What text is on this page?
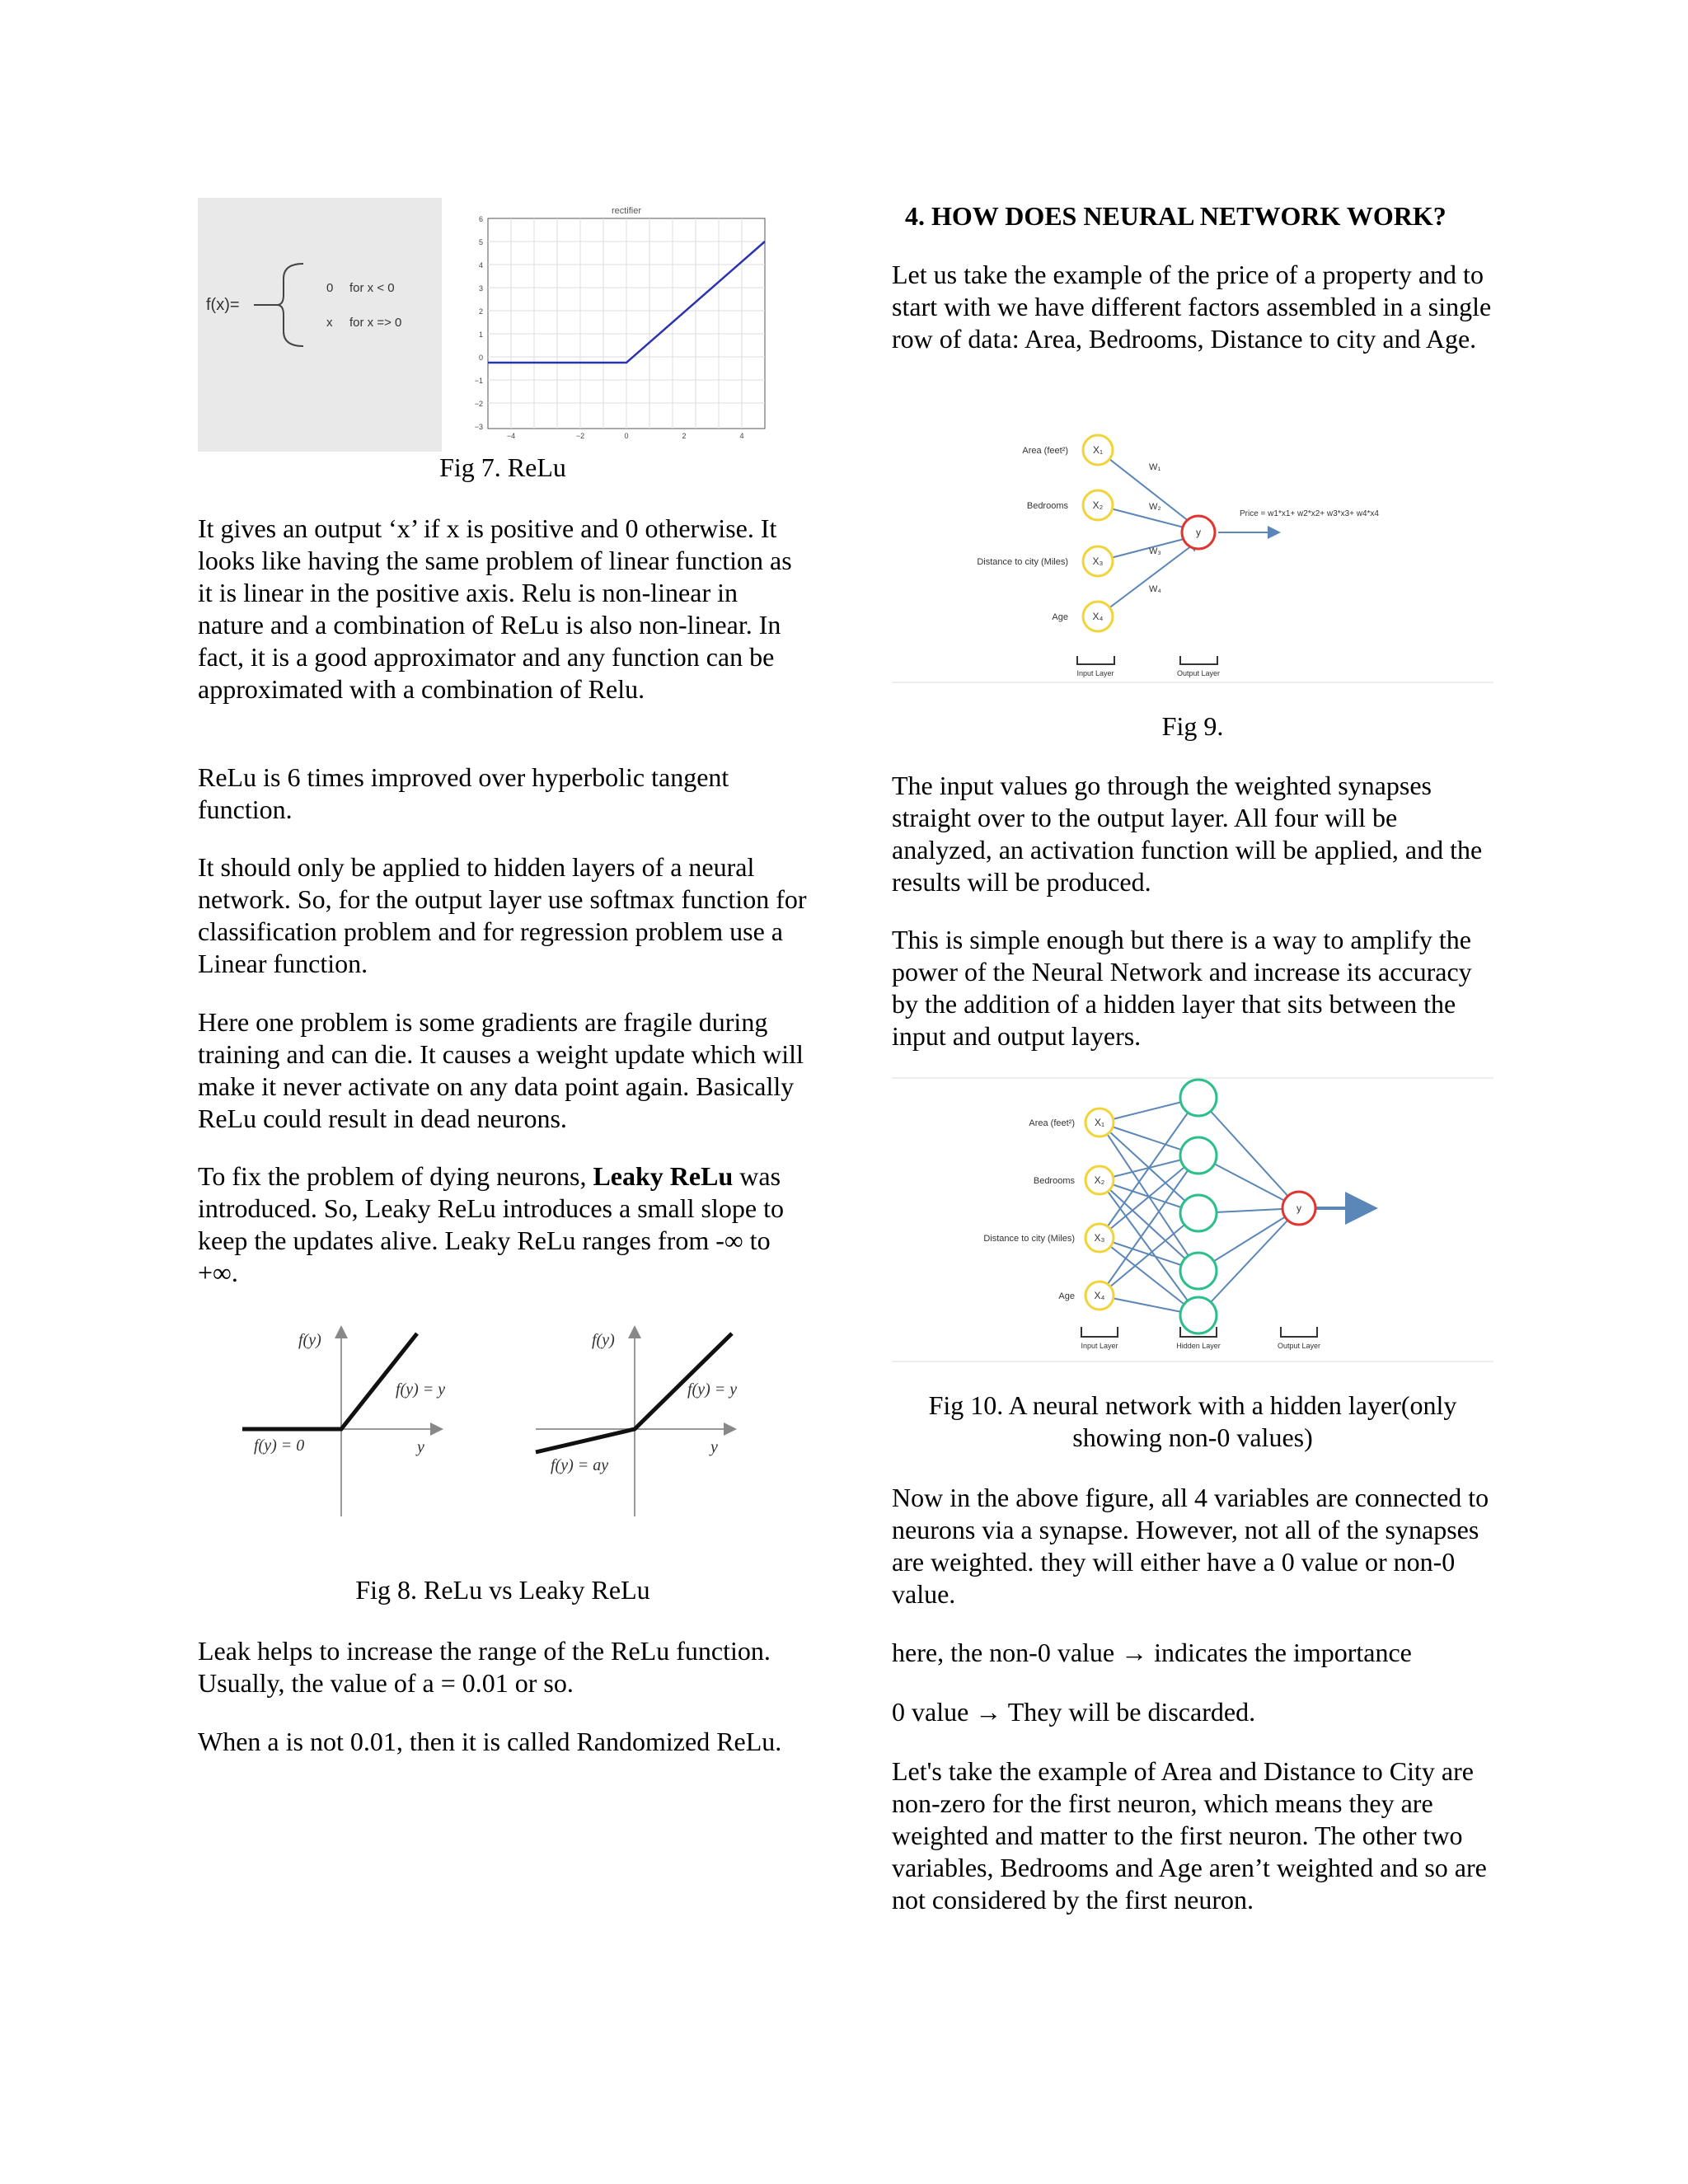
f(x)=
0 for x < 0
x for x => 0
rectifier
6
5
4
3
2
1
0
−1
−2
−3
−4	−2	0	2	4
Fig 7. ReLu

It gives an output ‘x’ if x is positive and 0 otherwise. It looks like having the same problem of linear function as it is linear in the positive axis. Relu is non-linear in nature and a combination of ReLu is also non-linear. In fact, it is a good approximator and any function can be approximated with a combination of Relu.

ReLu is 6 times improved over hyperbolic tangent function.

It should only be applied to hidden layers of a neural network. So, for the output layer use softmax function for classification problem and for regression problem use a Linear function.

Here one problem is some gradients are fragile during training and can die. It causes a weight update which will make it never activate on any data point again. Basically ReLu could result in dead neurons.

To fix the problem of dying neurons, Leaky ReLu was introduced. So, Leaky ReLu introduces a small slope to keep the updates alive. Leaky ReLu ranges from -∞ to +∞.

f(y)
f(y) = y
f(y) = 0	y
f(y)
f(y) = y
f(y) = ay
y
Fig 8. ReLu vs Leaky ReLu

Leak helps to increase the range of the ReLu function. Usually, the value of a = 0.01 or so.

When a is not 0.01, then it is called Randomized ReLu.

4. HOW DOES NEURAL NETWORK WORK?

Let us take the example of the price of a property and to start with we have different factors assembled in a single row of data: Area, Bedrooms, Distance to city and Age.

Area (feet²)
Bedrooms
Distance to city (Miles)
Age
X₁
X₂
X₃
X₄
W₁
W₂
W₃
W₄
y
Price = w1*x1+ w2*x2+ w3*x3+ w4*x4
Input Layer	Output Layer
Fig 9.

The input values go through the weighted synapses straight over to the output layer. All four will be analyzed, an activation function will be applied, and the results will be produced.

This is simple enough but there is a way to amplify the power of the Neural Network and increase its accuracy by the addition of a hidden layer that sits between the input and output layers.

Area (feet²)
Bedrooms
Distance to city (Miles)
Age
X₁
X₂
X₃
X₄
y
Input Layer	Hidden Layer	Output Layer
Fig 10. A neural network with a hidden layer(only
showing non-0 values)

Now in the above figure, all 4 variables are connected to neurons via a synapse. However, not all of the synapses are weighted. they will either have a 0 value or non-0 value.

here, the non-0 value → indicates the importance

0 value → They will be discarded.

Let's take the example of Area and Distance to City are non-zero for the first neuron, which means they are weighted and matter to the first neuron. The other two variables, Bedrooms and Age aren’t weighted and so are not considered by the first neuron.
